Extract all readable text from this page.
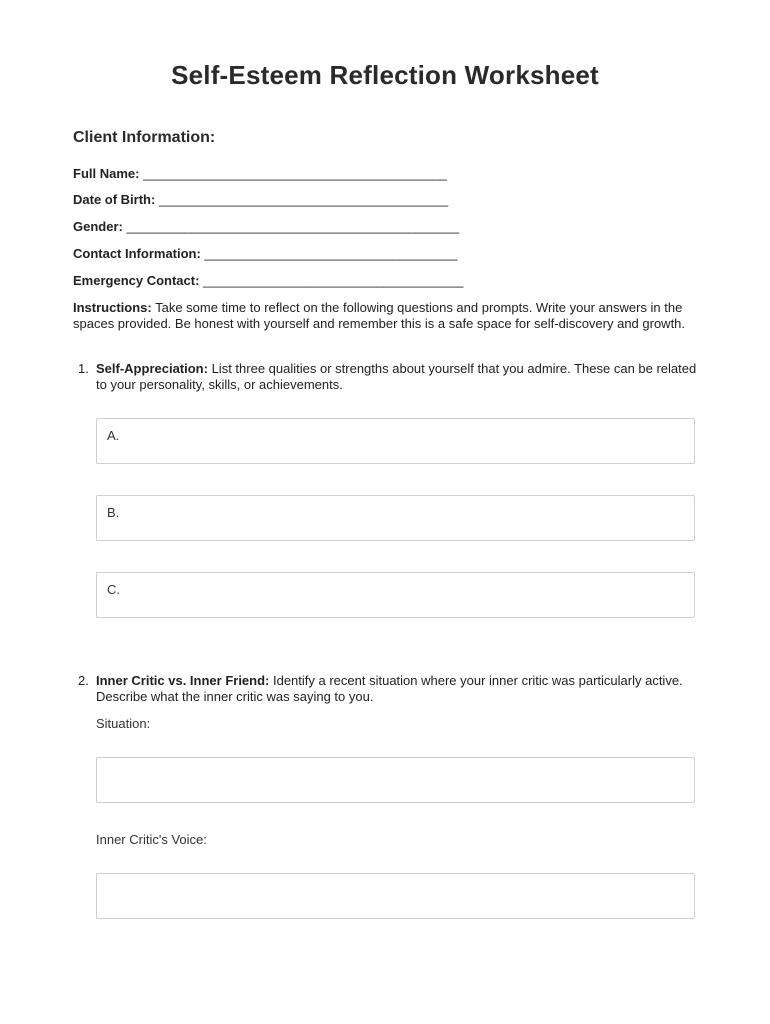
Self-Esteem Reflection Worksheet
Client Information:
Full Name: __________________________________________
Date of Birth: ________________________________________
Gender: ______________________________________________
Contact Information: ___________________________________
Emergency Contact: ____________________________________
Instructions: Take some time to reflect on the following questions and prompts. Write your answers in the spaces provided. Be honest with yourself and remember this is a safe space for self-discovery and growth.
1. Self-Appreciation: List three qualities or strengths about yourself that you admire. These can be related to your personality, skills, or achievements.
A.
B.
C.
2. Inner Critic vs. Inner Friend: Identify a recent situation where your inner critic was particularly active. Describe what the inner critic was saying to you.
Situation:
Inner Critic's Voice:
